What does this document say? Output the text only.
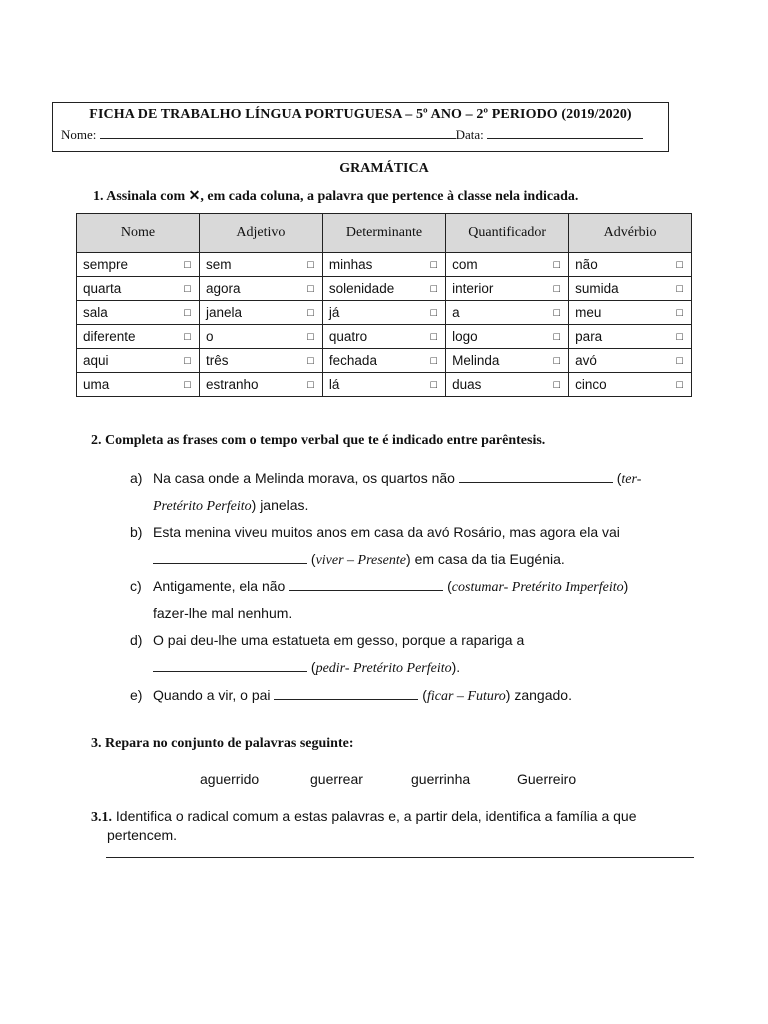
FICHA DE TRABALHO LÍNGUA PORTUGUESA – 5º ANO – 2º PERIODO (2019/2020)
Nome:	Data:
GRAMÁTICA
1. Assinala com ✕, em cada coluna, a palavra que pertence à classe nela indicada.
Nome	Adjetivo	Determinante	Quantificador	Advérbio

sempre □	sem □	minhas □	com □	não □

quarta □	agora □	solenidade □	interior □	sumida □

sala □	janela □	já □	a □	meu □

diferente □	o □	quatro □	logo □	para □

aqui □	três □	fechada □	Melinda □	avó □

uma □	estranho □	lá □	duas □	cinco □
2. Completa as frases com o tempo verbal que te é indicado entre parêntesis.
a) Na casa onde a Melinda morava, os quartos não	(ter-
Pretérito Perfeito) janelas.
b) Esta menina viveu muitos anos em casa da avó Rosário, mas agora ela vai
(viver – Presente) em casa da tia Eugénia.
c) Antigamente, ela não	(costumar- Pretérito Imperfeito)
fazer-lhe mal nenhum.
d) O pai deu-lhe uma estatueta em gesso, porque a rapariga a
(pedir- Pretérito Perfeito).
e) Quando a vir, o pai	(ficar – Futuro) zangado.
3. Repara no conjunto de palavras seguinte:
aguerrido	guerrear	guerrinha	Guerreiro
3.1. Identifica o radical comum a estas palavras e, a partir dela, identifica a família a que
pertencem.
